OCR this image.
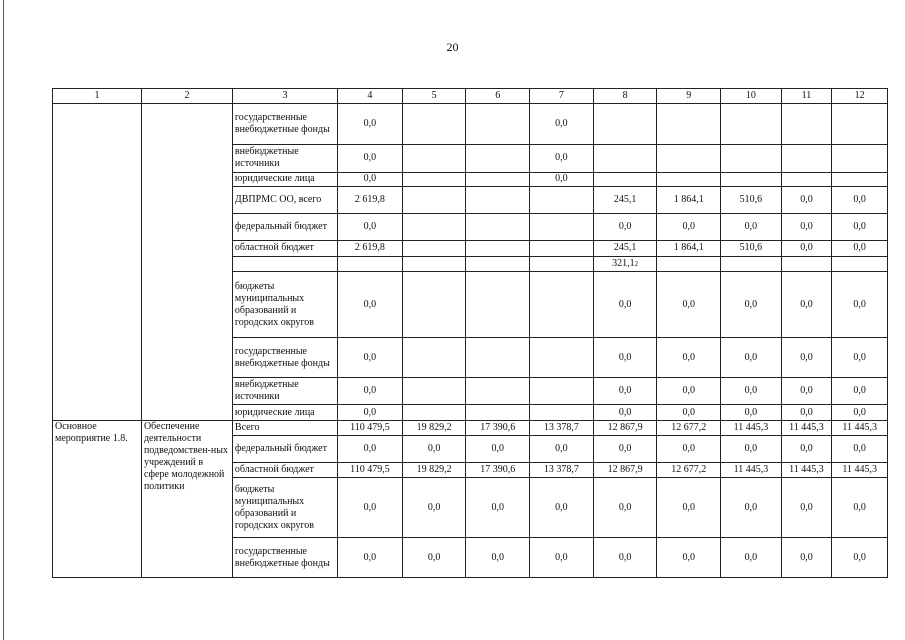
20
1	2	3	4	5	6	7	8	9	10	11	12
		государственные внебюджетные фонды	0,0			0,0					
		внебюджетные источники	0,0			0,0					
		юридические лица	0,0			0,0					
		ДВПРМС ОО, всего	2 619,8				245,1	1 864,1	510,6	0,0	0,0
		федеральный бюджет	0,0				0,0	0,0	0,0	0,0	0,0
		областной бюджет	2 619,8				245,1	1 864,1	510,6	0,0	0,0
							321,1$^2$				
		бюджеты муниципальных образований и городских округов	0,0				0,0	0,0	0,0	0,0	0,0
		государственные внебюджетные фонды	0,0				0,0	0,0	0,0	0,0	0,0
		внебюджетные источники	0,0				0,0	0,0	0,0	0,0	0,0
		юридические лица	0,0				0,0	0,0	0,0	0,0	0,0
Основное мероприятие 1.8.	Обеспечение деятельности подведомствен-ных учреждений в сфере молодежной политики	Всего	110 479,5	19 829,2	17 390,6	13 378,7	12 867,9	12 677,2	11 445,3	11 445,3	11 445,3
		федеральный бюджет	0,0	0,0	0,0	0,0	0,0	0,0	0,0	0,0	0,0
		областной бюджет	110 479,5	19 829,2	17 390,6	13 378,7	12 867,9	12 677,2	11 445,3	11 445,3	11 445,3
		бюджеты муниципальных образований и городских округов	0,0	0,0	0,0	0,0	0,0	0,0	0,0	0,0	0,0
		государственные внебюджетные фонды	0,0	0,0	0,0	0,0	0,0	0,0	0,0	0,0	0,0
